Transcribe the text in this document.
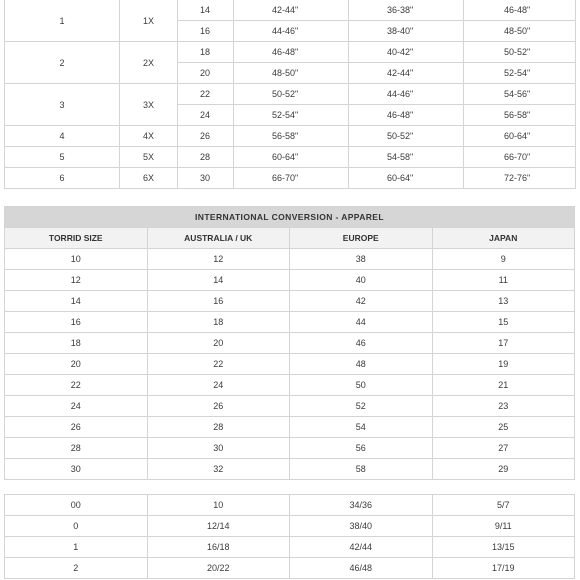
1	1X	14	42-44"	36-38"	46-48"
		16	44-46"	38-40"	48-50"
2	2X	18	46-48"	40-42"	50-52"
		20	48-50"	42-44"	52-54"
3	3X	22	50-52"	44-46"	54-56"
		24	52-54"	46-48"	56-58"
4	4X	26	56-58"	50-52"	60-64"
5	5X	28	60-64"	54-58"	66-70"
6	6X	30	66-70"	60-64"	72-76"
INTERNATIONAL CONVERSION - APPAREL			
TORRID SIZE	AUSTRALIA / UK	EUROPE	JAPAN
10	12	38	9
12	14	40	11
14	16	42	13
16	18	44	15
18	20	46	17
20	22	48	19
22	24	50	21
24	26	52	23
26	28	54	25
28	30	56	27
30	32	58	29
00	10	34/36	5/7
0	12/14	38/40	9/11
1	16/18	42/44	13/15
2	20/22	46/48	17/19
